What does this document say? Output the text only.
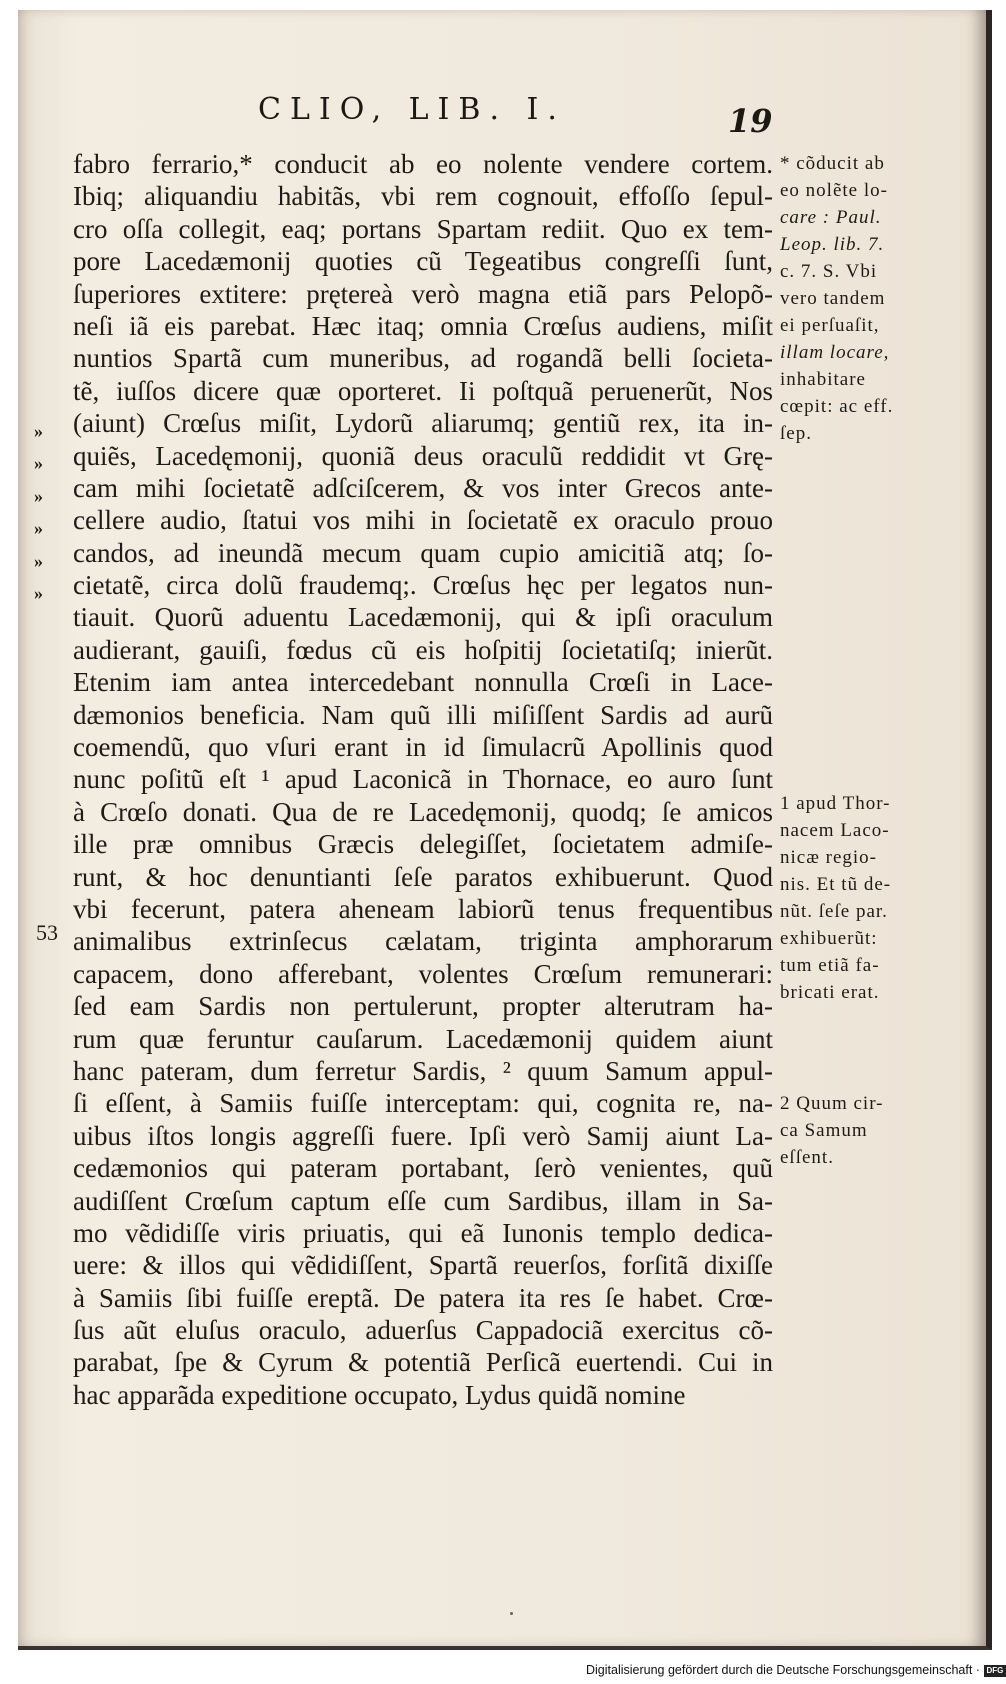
CLIO, LIB. I.	19
»
»
»
»
»
»
53
fabro ferrario,* conducit ab eo nolente vendere cortem.
Ibiq; aliquandiu habitãs, vbi rem cognouit, effoſſo ſepul-
cro oſſa collegit, eaq; portans Spartam rediit. Quo ex tem-
pore Lacedæmonij quoties cũ Tegeatibus congreſſi ſunt,
ſuperiores extitere: prętereà verò magna etiã pars Pelopõ-
neſi iã eis parebat. Hæc itaq; omnia Crœſus audiens, miſit
nuntios Spartã cum muneribus, ad rogandã belli ſocieta-
tẽ, iuſſos dicere quæ oporteret. Ii poſtquã peruenerũt, Nos
(aiunt) Crœſus miſit, Lydorũ aliarumq; gentiũ rex, ita in-
quiẽs, Lacedęmonij, quoniã deus oraculũ reddidit vt Grę-
cam mihi ſocietatẽ adſciſcerem, & vos inter Grecos ante-
cellere audio, ſtatui vos mihi in ſocietatẽ ex oraculo prouo
candos, ad ineundã mecum quam cupio amicitiã atq; ſo-
cietatẽ, circa dolũ fraudemq;. Crœſus hęc per legatos nun-
tiauit. Quorũ aduentu Lacedæmonij, qui & ipſi oraculum
audierant, gauiſi, fœdus cũ eis hoſpitij ſocietatiſq; inierũt.
Etenim iam antea intercedebant nonnulla Crœſi in Lace-
dæmonios beneficia. Nam quũ illi miſiſſent Sardis ad aurũ
coemendũ, quo vſuri erant in id ſimulacrũ Apollinis quod
nunc poſitũ eſt ¹ apud Laconicã in Thornace, eo auro ſunt
à Crœſo donati. Qua de re Lacedęmonij, quodq; ſe amicos
ille præ omnibus Græcis delegiſſet, ſocietatem admiſe-
runt, & hoc denuntianti ſeſe paratos exhibuerunt. Quod
vbi fecerunt, patera aheneam labiorũ tenus frequentibus
animalibus extrinſecus cælatam, triginta amphorarum
capacem, dono afferebant, volentes Crœſum remunerari:
ſed eam Sardis non pertulerunt, propter alterutram ha-
rum quæ feruntur cauſarum. Lacedæmonij quidem aiunt
hanc pateram, dum ferretur Sardis, ² quum Samum appul-
ſi eſſent, à Samiis fuiſſe interceptam: qui, cognita re, na-
uibus iſtos longis aggreſſi fuere. Ipſi verò Samij aiunt La-
cedæmonios qui pateram portabant, ſerò venientes, quũ
audiſſent Crœſum captum eſſe cum Sardibus, illam in Sa-
mo vẽdidiſſe viris priuatis, qui eã Iunonis templo dedica-
uere: & illos qui vẽdidiſſent, Spartã reuerſos, forſitã dixiſſe
à Samiis ſibi fuiſſe ereptã. De patera ita res ſe habet. Crœ-
ſus aũt eluſus oraculo, aduerſus Cappadociã exercitus cõ-
parabat, ſpe & Cyrum & potentiã Perſicã euertendi. Cui in
hac apparãda expeditione occupato, Lydus quidã nomine
* cõducit ab
eo nolẽte lo-
care : Paul.
Leop. lib. 7.
c. 7. S. Vbi
vero tandem
ei perſuaſit,
illam locare,
inhabitare
cœpit: ac eff.
ſep.
1 apud Thor-
nacem Laco-
nicæ regio-
nis. Et tũ de-
nũt. ſeſe par.
exhibuerũt:
tum etiã fa-
bricati erat.
2 Quum cir-
ca Samum
eſſent.
Digitalisierung gefördert durch die Deutsche Forschungsgemeinschaft · DFG
